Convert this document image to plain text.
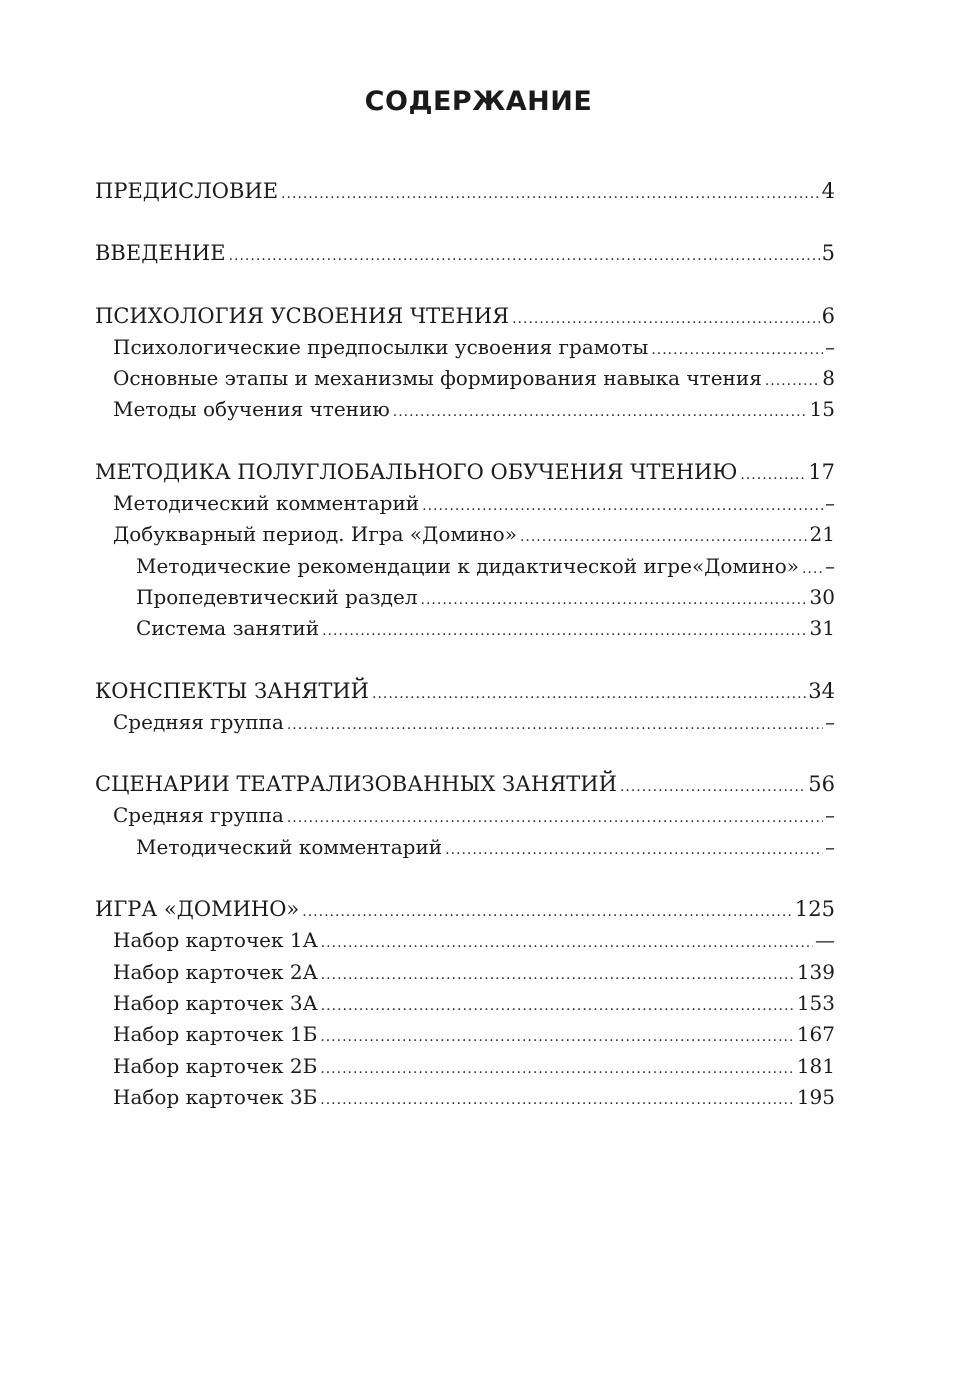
СОДЕРЖАНИЕ
ПРЕДИСЛОВИЕ .....	4
ВВЕДЕНИЕ .....	5
ПСИХОЛОГИЯ УСВОЕНИЯ ЧТЕНИЯ .....	6
Психологические предпосылки усвоения грамоты .....	–
Основные этапы и механизмы формирования навыка чтения .....	8
Методы обучения чтению .....	15
МЕТОДИКА ПОЛУГЛОБАЛЬНОГО ОБУЧЕНИЯ ЧТЕНИЮ .....	17
Методический комментарий .....	–
Добукварный период. Игра «Домино» .....	21
Методические рекомендации к дидактической игре«Домино» ..... –
Пропедевтический раздел .....	30
Система занятий .....	31
КОНСПЕКТЫ ЗАНЯТИЙ .....	34
Средняя группа .....	–
СЦЕНАРИИ ТЕАТРАЛИЗОВАННЫХ ЗАНЯТИЙ .....	56
Средняя группа .....	–
Методический комментарий .....	–
ИГРА «ДОМИНО» .....	125
Набор карточек 1А .....	—
Набор карточек 2А .....	139
Набор карточек 3А .....	153
Набор карточек 1Б .....	167
Набор карточек 2Б .....	181
Набор карточек 3Б .....	195
